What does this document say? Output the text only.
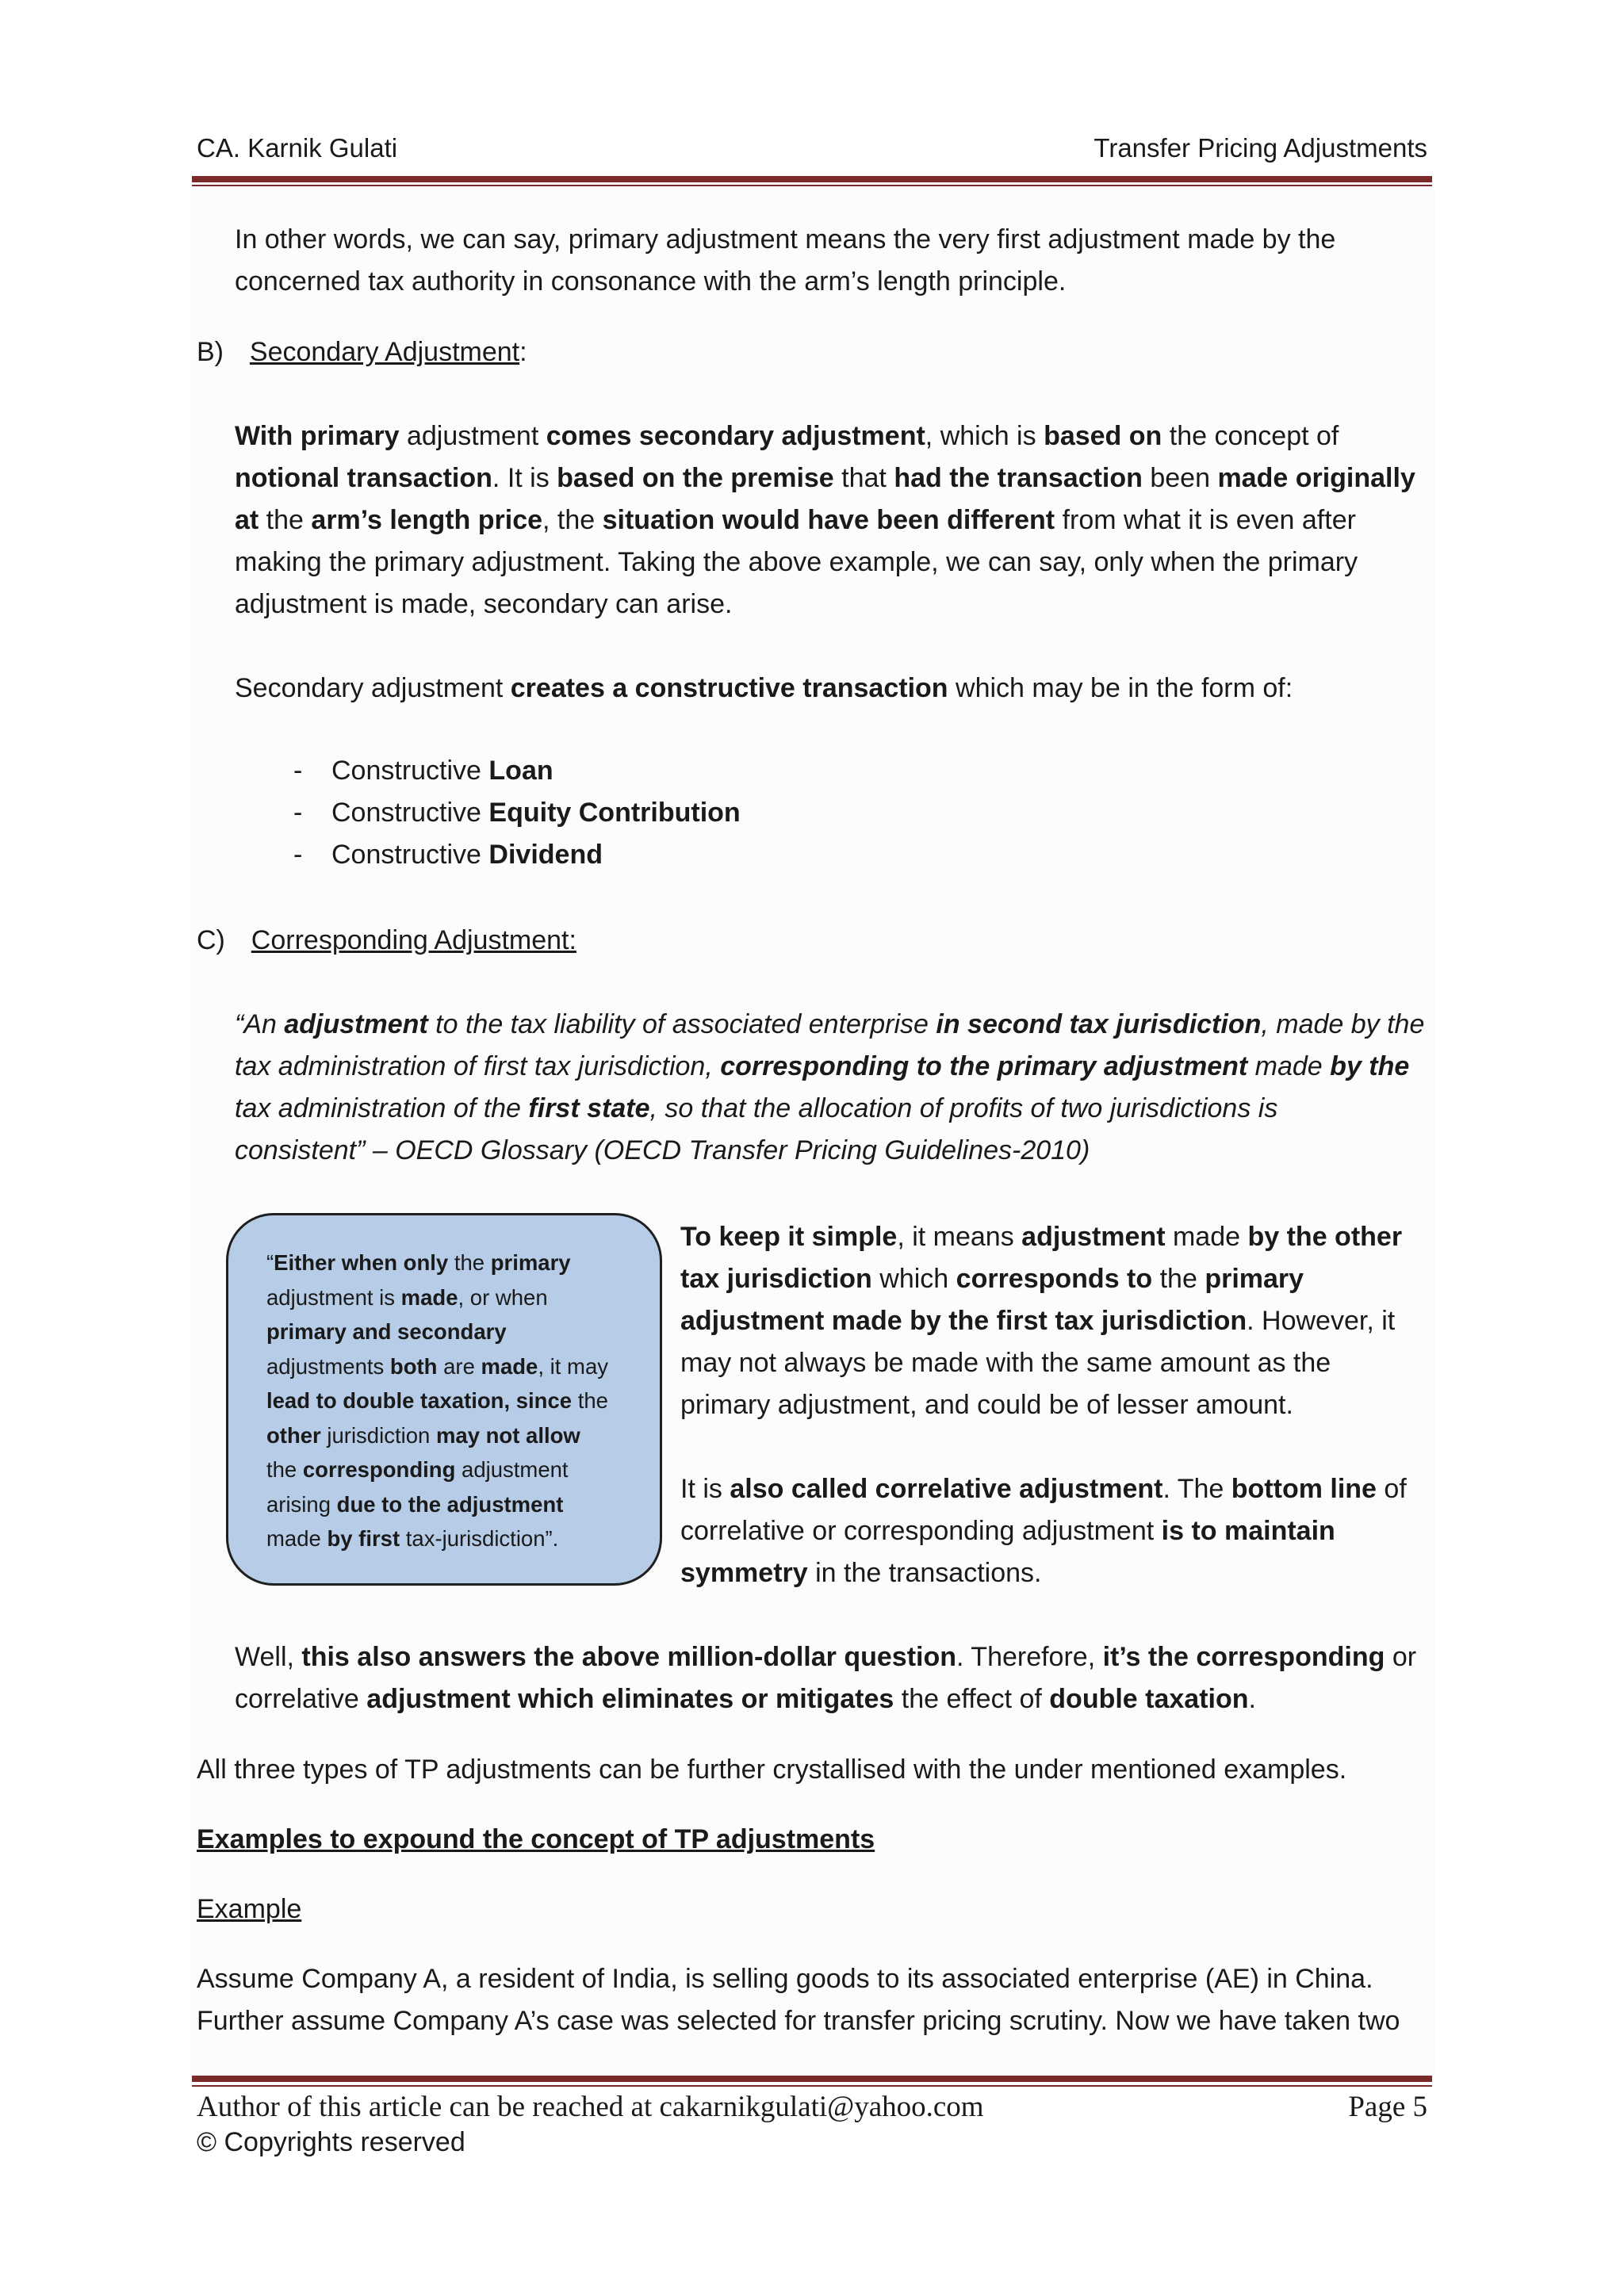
CA. Karnik Gulati	Transfer Pricing Adjustments
In other words, we can say, primary adjustment means the very first adjustment made by the
concerned tax authority in consonance with the arm’s length principle.
B) Secondary Adjustment:
With primary adjustment comes secondary adjustment, which is based on the concept of
notional transaction. It is based on the premise that had the transaction been made originally
at the arm’s length price, the situation would have been different from what it is even after
making the primary adjustment. Taking the above example, we can say, only when the primary
adjustment is made, secondary can arise.
Secondary adjustment creates a constructive transaction which may be in the form of:
- Constructive Loan
- Constructive Equity Contribution
- Constructive Dividend
C) Corresponding Adjustment:
“An adjustment to the tax liability of associated enterprise in second tax jurisdiction, made by the
tax administration of first tax jurisdiction, corresponding to the primary adjustment made by the
tax administration of the first state, so that the allocation of profits of two jurisdictions is
consistent” – OECD Glossary (OECD Transfer Pricing Guidelines-2010)
“Either when only the primary
adjustment is made, or when
primary and secondary
adjustments both are made, it may
lead to double taxation, since the
other jurisdiction may not allow
the corresponding adjustment
arising due to the adjustment
made by first tax-jurisdiction”.
To keep it simple, it means adjustment made by the other
tax jurisdiction which corresponds to the primary
adjustment made by the first tax jurisdiction. However, it
may not always be made with the same amount as the
primary adjustment, and could be of lesser amount.
It is also called correlative adjustment. The bottom line of
correlative or corresponding adjustment is to maintain
symmetry in the transactions.
Well, this also answers the above million-dollar question. Therefore, it’s the corresponding or
correlative adjustment which eliminates or mitigates the effect of double taxation.
All three types of TP adjustments can be further crystallised with the under mentioned examples.
Examples to expound the concept of TP adjustments
Example
Assume Company A, a resident of India, is selling goods to its associated enterprise (AE) in China.
Further assume Company A’s case was selected for transfer pricing scrutiny. Now we have taken two
Author of this article can be reached at cakarnikgulati@yahoo.com	Page 5
© Copyrights reserved
